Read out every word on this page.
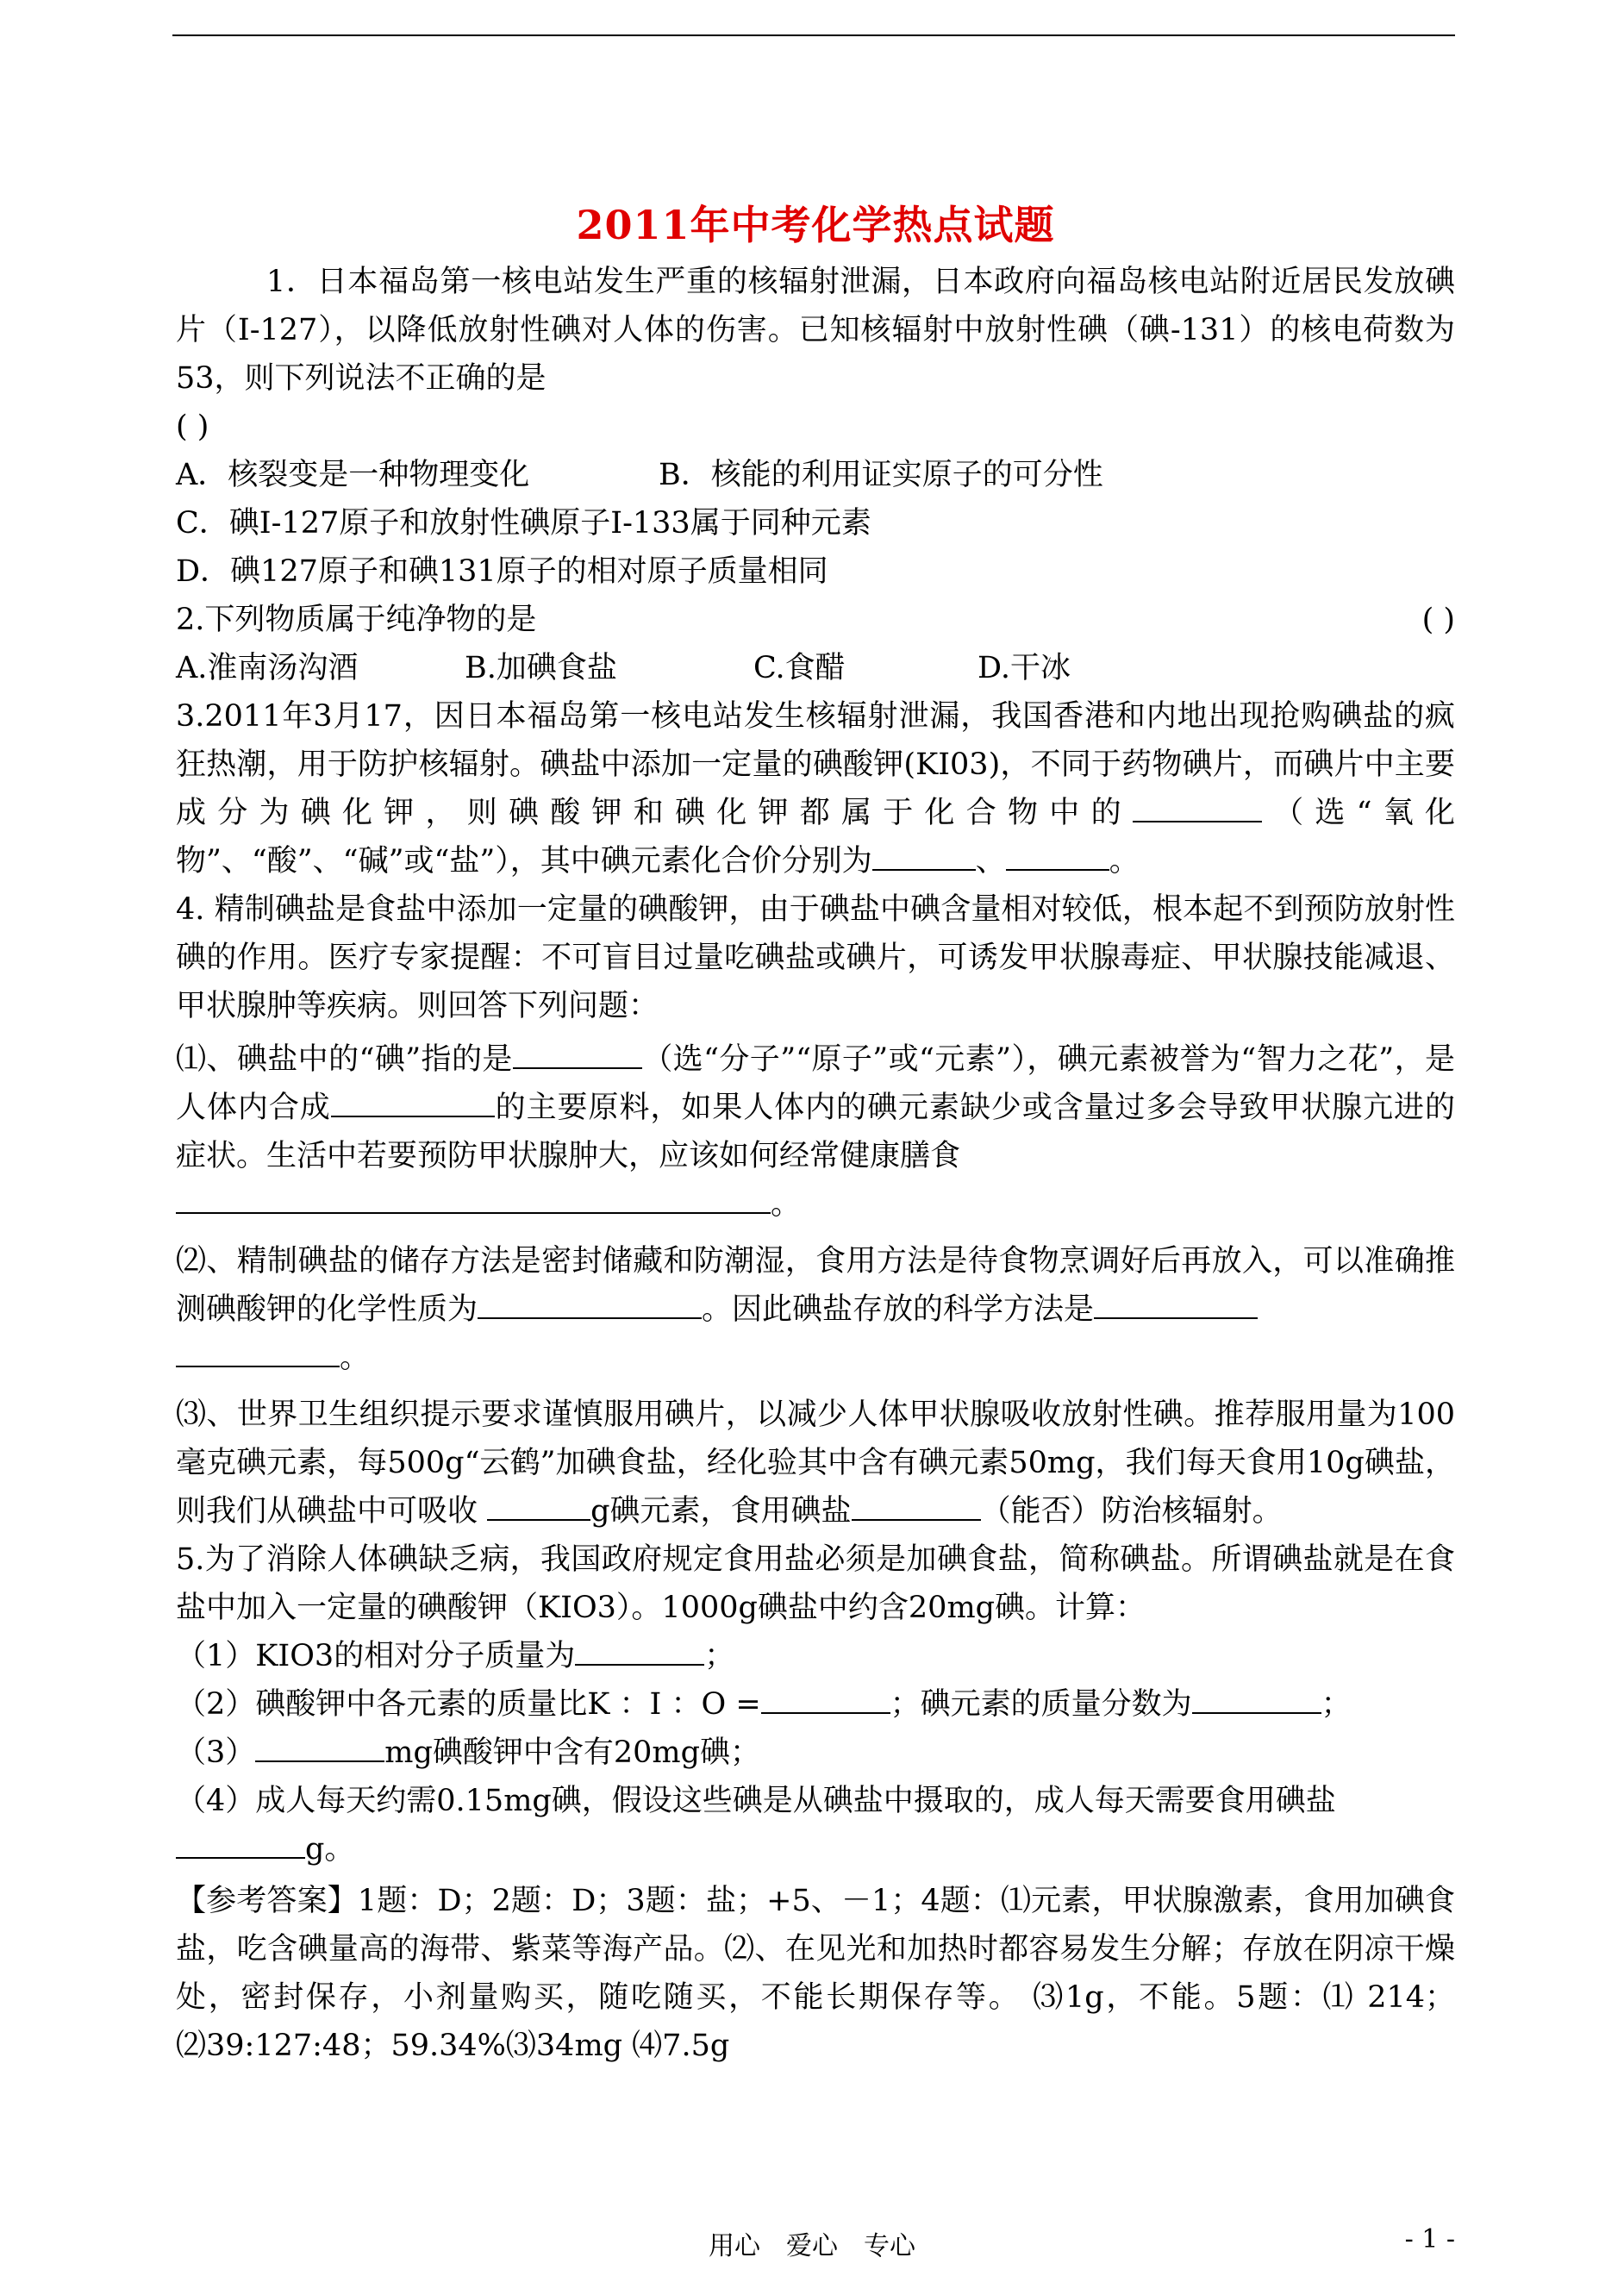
2011年中考化学热点试题

1．日本福岛第一核电站发生严重的核辐射泄漏，日本政府向福岛核电站附近居民发放碘片（I-127），以降低放射性碘对人体的伤害。已知核辐射中放射性碘（碘-131）的核电荷数为53，则下列说法不正确的是

( )

A．核裂变是一种物理变化	B．核能的利用证实原子的可分性

C．碘I-127原子和放射性碘原子I-133属于同种元素

D．碘127原子和碘131原子的相对原子质量相同

2.下列物质属于纯净物的是	( )
A.淮南汤沟酒	B.加碘食盐	C.食醋	D.干冰

3.2011年3月17，因日本福岛第一核电站发生核辐射泄漏，我国香港和内地出现抢购碘盐的疯狂热潮，用于防护核辐射。碘盐中添加一定量的碘酸钾(KI03)，不同于药物碘片，而碘片中主要成分为碘化钾，则碘酸钾和碘化钾都属于化合物中的	（选“氧化物”、“酸”、“碱”或“盐”），其中碘元素化合价分别为	、	。

4. 精制碘盐是食盐中添加一定量的碘酸钾，由于碘盐中碘含量相对较低，根本起不到预防放射性碘的作用。医疗专家提醒：不可盲目过量吃碘盐或碘片，可诱发甲状腺毒症、甲状腺技能减退、甲状腺肿等疾病。则回答下列问题：

⑴、碘盐中的“碘”指的是	（选“分子”“原子”或“元素”），碘元素被誉为“智力之花”，是人体内合成	的主要原料，如果人体内的碘元素缺少或含量过多会导致甲状腺亢进的症状。生活中若要预防甲状腺肿大，应该如何经常健康膳食
。

⑵、精制碘盐的储存方法是密封储藏和防潮湿，食用方法是待食物烹调好后再放入，可以准确推测碘酸钾的化学性质为	。因此碘盐存放的科学方法是
。

⑶、世界卫生组织提示要求谨慎服用碘片，以减少人体甲状腺吸收放射性碘。推荐服用量为100毫克碘元素，每500g“云鹤”加碘食盐，经化验其中含有碘元素50mg，我们每天食用10g碘盐，则我们从碘盐中可吸收	g碘元素，食用碘盐	（能否）防治核辐射。

5.为了消除人体碘缺乏病，我国政府规定食用盐必须是加碘食盐，简称碘盐。所谓碘盐就是在食盐中加入一定量的碘酸钾（KIO3）。1000g碘盐中约含20mg碘。计算：

（1）KIO3的相对分子质量为	；

（2）碘酸钾中各元素的质量比K ：I ：O =	；碘元素的质量分数为	；

（3）	mg碘酸钾中含有20mg碘；

（4）成人每天约需0.15mg碘，假设这些碘是从碘盐中摄取的，成人每天需要食用碘盐
g。

【参考答案】1题：D；2题：D；3题：盐；+5、－1；4题：⑴元素，甲状腺激素，食用加碘食盐，吃含碘量高的海带、紫菜等海产品。⑵、在见光和加热时都容易发生分解；存放在阴凉干燥处，密封保存，小剂量购买，随吃随买，不能长期保存等。 ⑶1g，不能。5题：⑴ 214；⑵39:127:48；59.34%⑶34mg ⑷7.5g

用心　爱心　专心	- 1 -
